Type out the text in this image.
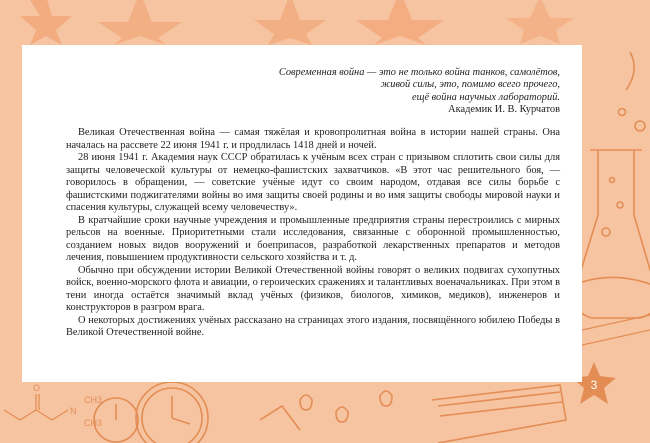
O
N
CH3
CH3
Современная война — это не только война танков, самолётов,
живой силы, это, помимо всего прочего,
ещё война научных лабораторий.
Академик И. В. Курчатов

Великая Отечественная война — самая тяжёлая и кровопролитная война в истории нашей страны. Она началась на рассвете 22 июня 1941 г. и продлилась 1418 дней и ночей.

28 июня 1941 г. Академия наук СССР обратилась к учёным всех стран с призывом сплотить свои силы для защиты человеческой культуры от немецко-фашистских захватчиков. «В этот час решительного боя, — говорилось в обращении, — советские учёные идут со своим народом, отдавая все силы борьбе с фашистскими поджигателями войны во имя защиты своей родины и во имя защиты свободы мировой науки и спасения культуры, служащей всему человечеству».

В кратчайшие сроки научные учреждения и промышленные предприятия страны перестроились с мирных рельсов на военные. Приоритетными стали исследования, связанные с оборонной промышленностью, созданием новых видов вооружений и боеприпасов, разработкой лекарственных препаратов и методов лечения, повышением продуктивности сельского хозяйства и т. д.

Обычно при обсуждении истории Великой Отечественной войны говорят о великих подвигах сухопутных войск, военно-морского флота и авиации, о героических сражениях и талантливых военачальниках. При этом в тени иногда остаётся значимый вклад учёных (физиков, биологов, химиков, медиков), инженеров и конструкторов в разгром врага.

О некоторых достижениях учёных рассказано на страницах этого издания, посвящённого юбилею Победы в Великой Отечественной войне.

3
